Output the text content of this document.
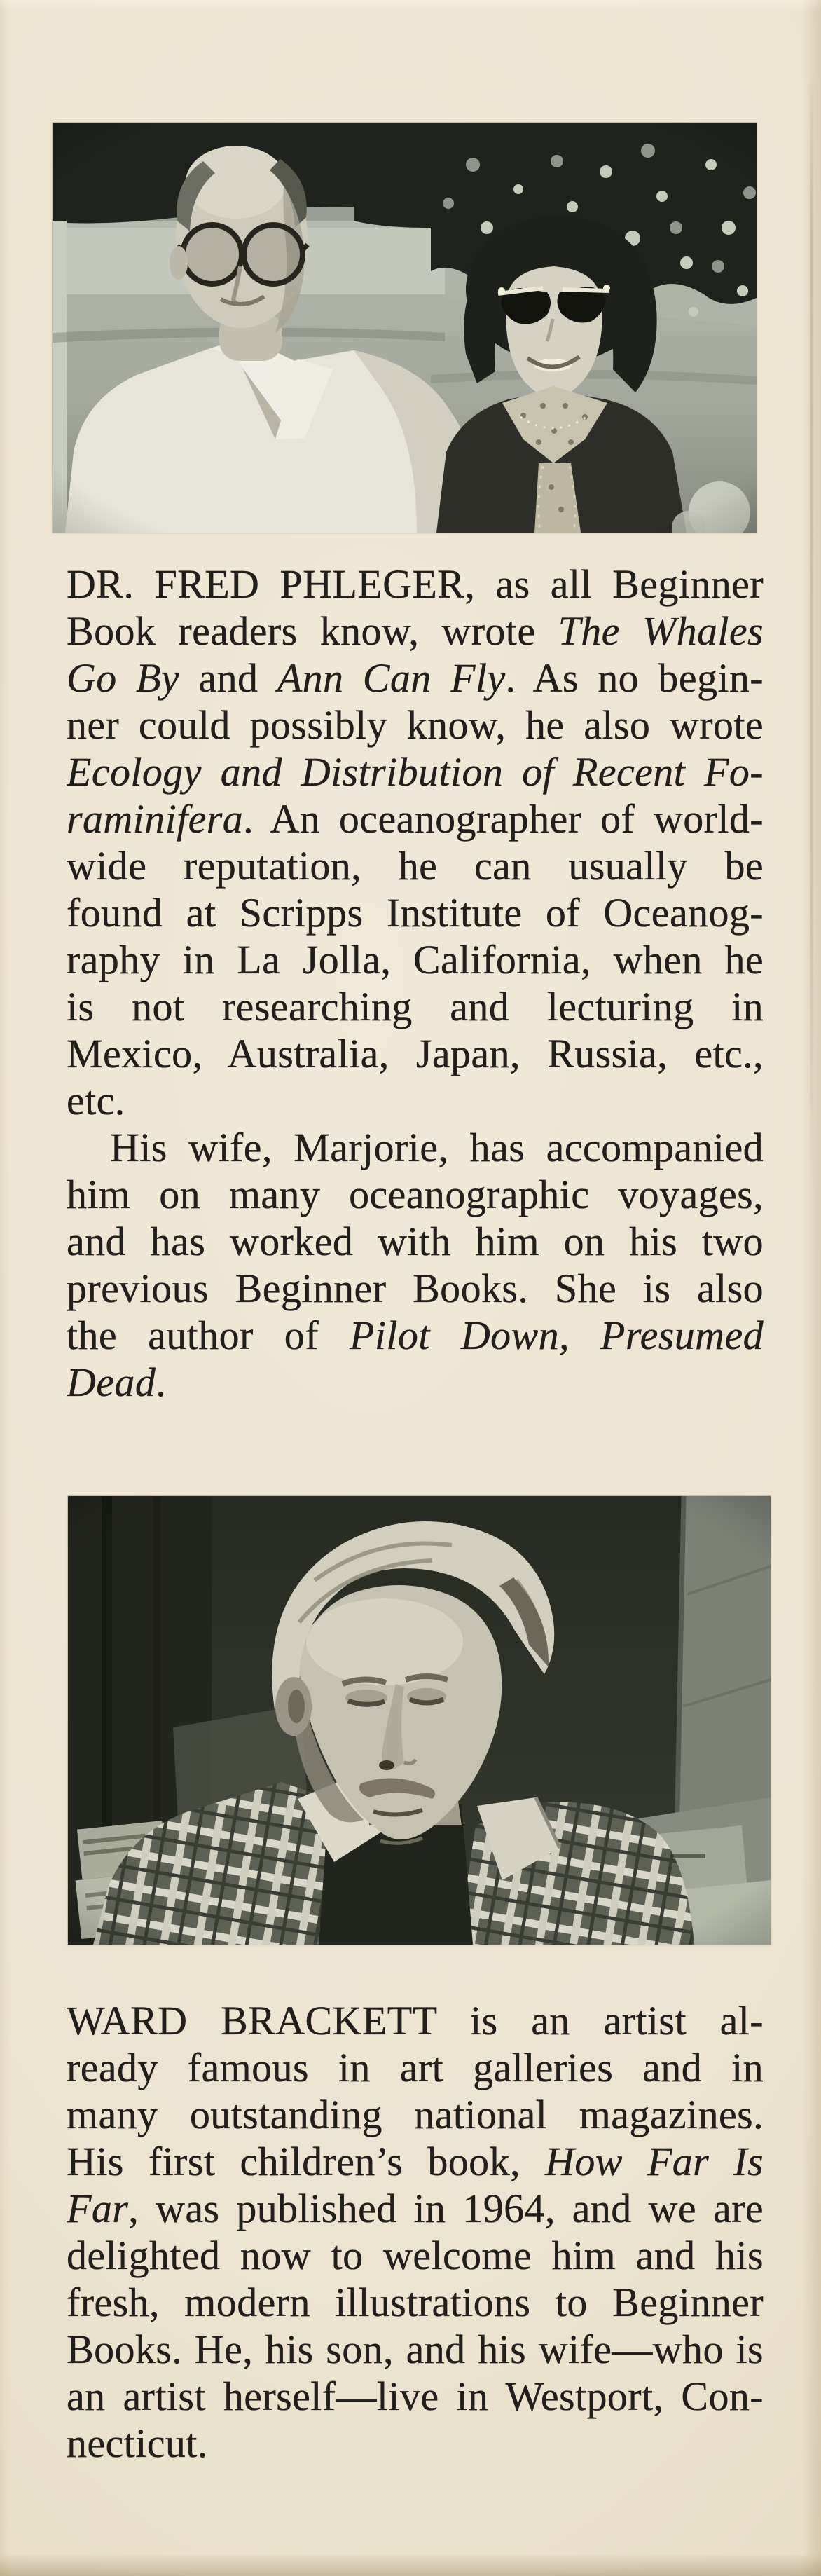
DR. FRED PHLEGER, as all Beginner
Book readers know, wrote The Whales
Go By and Ann Can Fly. As no begin-
ner could possibly know, he also wrote
Ecology and Distribution of Recent Fo-
raminifera. An oceanographer of world-
wide reputation, he can usually be
found at Scripps Institute of Oceanog-
raphy in La Jolla, California, when he
is not researching and lecturing in
Mexico, Australia, Japan, Russia, etc.,
etc.
His wife, Marjorie, has accompanied
him on many oceanographic voyages,
and has worked with him on his two
previous Beginner Books. She is also
the author of Pilot Down, Presumed
Dead.
WARD BRACKETT is an artist al-
ready famous in art galleries and in
many outstanding national magazines.
His first children’s book, How Far Is
Far, was published in 1964, and we are
delighted now to welcome him and his
fresh, modern illustrations to Beginner
Books. He, his son, and his wife—who is
an artist herself—live in Westport, Con-
necticut.
